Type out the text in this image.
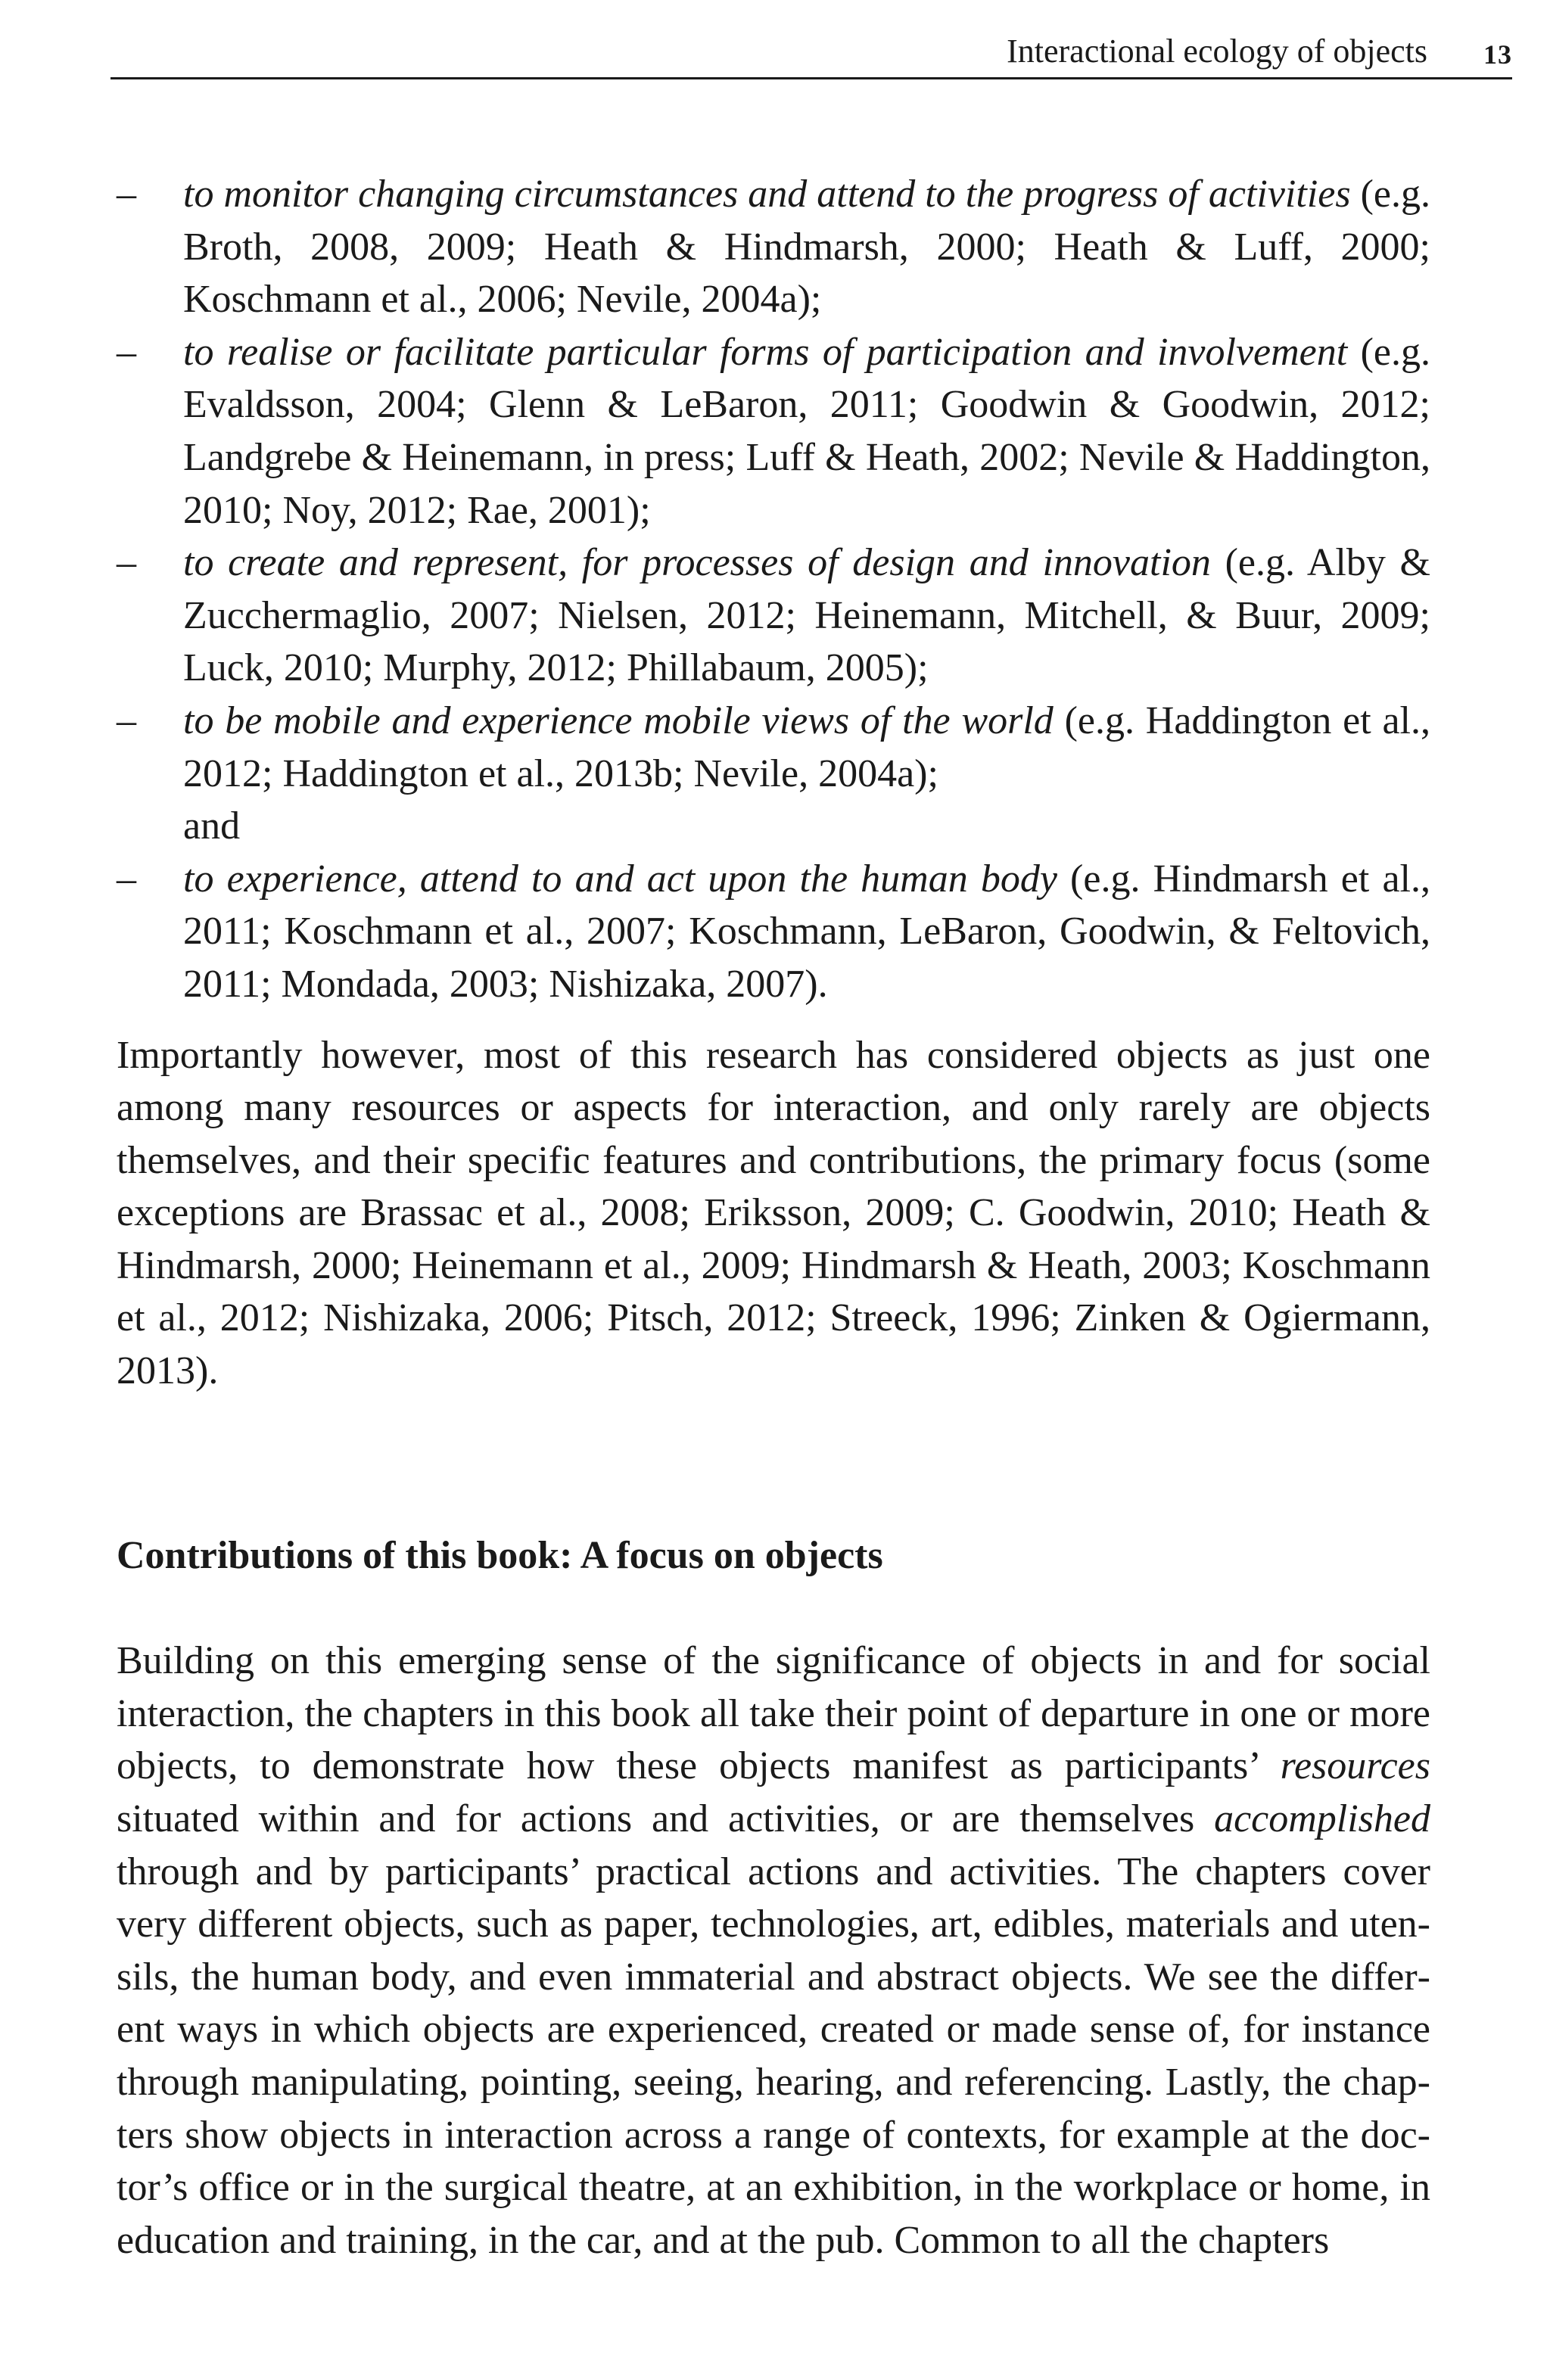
Interactional ecology of objects 13
– to monitor changing circumstances and attend to the progress of activities (e.g. Broth, 2008, 2009; Heath & Hindmarsh, 2000; Heath & Luff, 2000; Koschmann et al., 2006; Nevile, 2004a);
– to realise or facilitate particular forms of participation and involvement (e.g. Evaldsson, 2004; Glenn & LeBaron, 2011; Goodwin & Goodwin, 2012; Landgrebe & Heinemann, in press; Luff & Heath, 2002; Nevile & Haddington, 2010; Noy, 2012; Rae, 2001);
– to create and represent, for processes of design and innovation (e.g. Alby & Zucchermaglio, 2007; Nielsen, 2012; Heinemann, Mitchell, & Buur, 2009; Luck, 2010; Murphy, 2012; Phillabaum, 2005);
– to be mobile and experience mobile views of the world (e.g. Haddington et al., 2012; Haddington et al., 2013b; Nevile, 2004a);
and
– to experience, attend to and act upon the human body (e.g. Hindmarsh et al., 2011; Koschmann et al., 2007; Koschmann, LeBaron, Goodwin, & Feltovich, 2011; Mondada, 2003; Nishizaka, 2007).

Importantly however, most of this research has considered objects as just one among many resources or aspects for interaction, and only rarely are objects themselves, and their specific features and contributions, the primary focus (some exceptions are Brassac et al., 2008; Eriksson, 2009; C. Goodwin, 2010; Heath & Hindmarsh, 2000; Heinemann et al., 2009; Hindmarsh & Heath, 2003; Koschmann et al., 2012; Nishizaka, 2006; Pitsch, 2012; Streeck, 1996; Zinken & Ogiermann, 2013).

Contributions of this book: A focus on objects

Building on this emerging sense of the significance of objects in and for social interaction, the chapters in this book all take their point of departure in one or more objects, to demonstrate how these objects manifest as participants’ resources situated within and for actions and activities, or are themselves accomplished through and by participants’ practical actions and activities. The chapters cover very different objects, such as paper, technologies, art, edibles, materials and utensils, the human body, and even immaterial and abstract objects. We see the different ways in which objects are experienced, created or made sense of, for instance through manipulating, pointing, seeing, hearing, and referencing. Lastly, the chapters show objects in interaction across a range of contexts, for example at the doctor’s office or in the surgical theatre, at an exhibition, in the workplace or home, in education and training, in the car, and at the pub. Common to all the chapters
